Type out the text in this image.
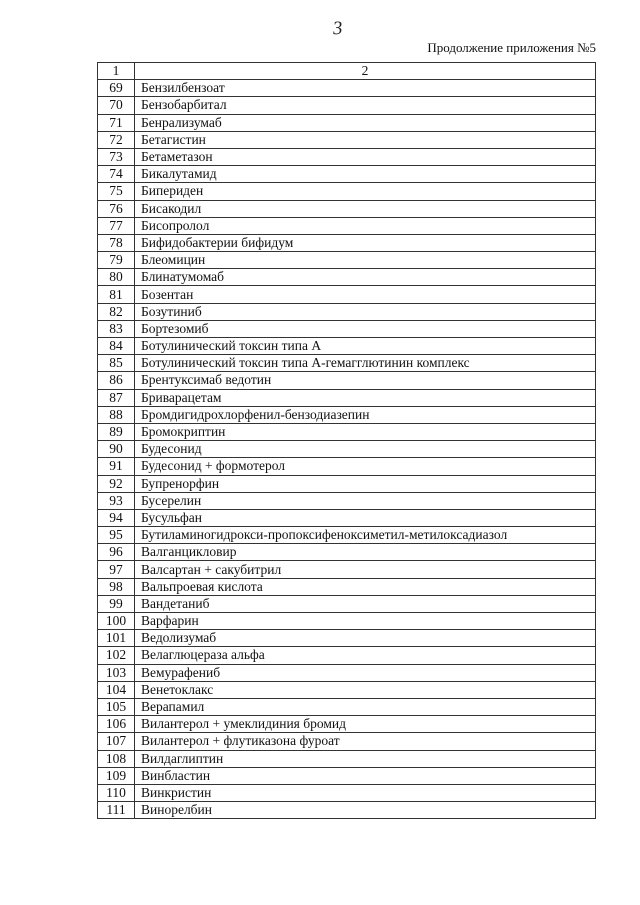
3
Продолжение приложения №5
1	2
69	Бензилбензоат
70	Бензобарбитал
71	Бенрализумаб
72	Бетагистин
73	Бетаметазон
74	Бикалутамид
75	Бипериден
76	Бисакодил
77	Бисопролол
78	Бифидобактерии бифидум
79	Блеомицин
80	Блинатумомаб
81	Бозентан
82	Бозутиниб
83	Бортезомиб
84	Ботулинический токсин типа А
85	Ботулинический токсин типа А-гемагглютинин комплекс
86	Брентуксимаб ведотин
87	Бриварацетам
88	Бромдигидрохлорфенил-бензодиазепин
89	Бромокриптин
90	Будесонид
91	Будесонид + формотерол
92	Бупренорфин
93	Бусерелин
94	Бусульфан
95	Бутиламиногидрокси-пропоксифеноксиметил-метилоксадиазол
96	Валганцикловир
97	Валсартан + сакубитрил
98	Вальпроевая кислота
99	Вандетаниб
100	Варфарин
101	Ведолизумаб
102	Велаглюцераза альфа
103	Вемурафениб
104	Венетоклакс
105	Верапамил
106	Вилантерол + умеклидиния бромид
107	Вилантерол + флутиказона фуроат
108	Вилдаглиптин
109	Винбластин
110	Винкристин
111	Винорелбин
